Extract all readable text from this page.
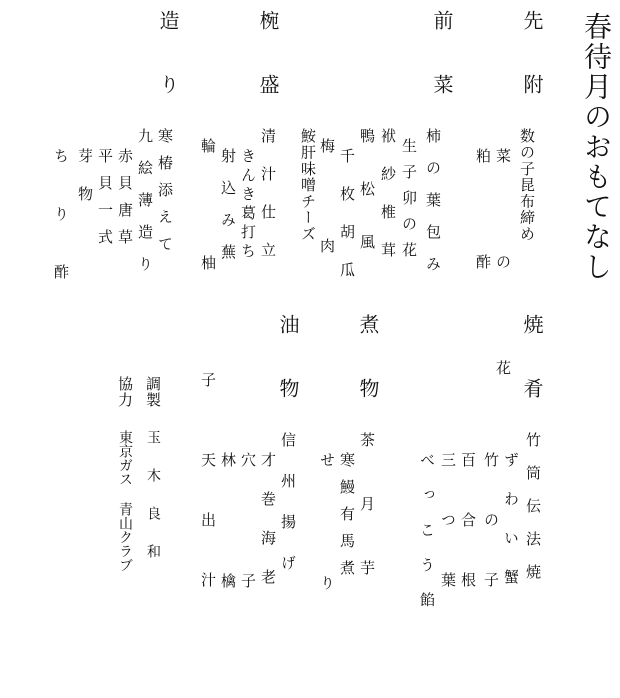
春待月のおもてなし
先附
数の子昆布締め
菜の花
粕酢
前菜
柿の葉包み
生子卯の花
袱紗椎茸
鴨松風
千枚胡瓜
梅肉
鮟肝味噌チーズ
椀盛
清汁仕立
きんき葛打ち
射込み蕪
輪柚子
造り
寒椿添えて
九絵薄造り
赤貝唐草
平貝一式
芽物
ちり酢
焼肴
竹筒伝法焼
ずわい蟹
竹の子
百合根
三つ葉
べっこう餡
煮物
茶月芋
寒鰻有馬煮
せり
油物
信州揚げ
才巻海老
穴子
林檎
天出汁
調製
協力
玉木良和
東京ガス 青山クラブ
